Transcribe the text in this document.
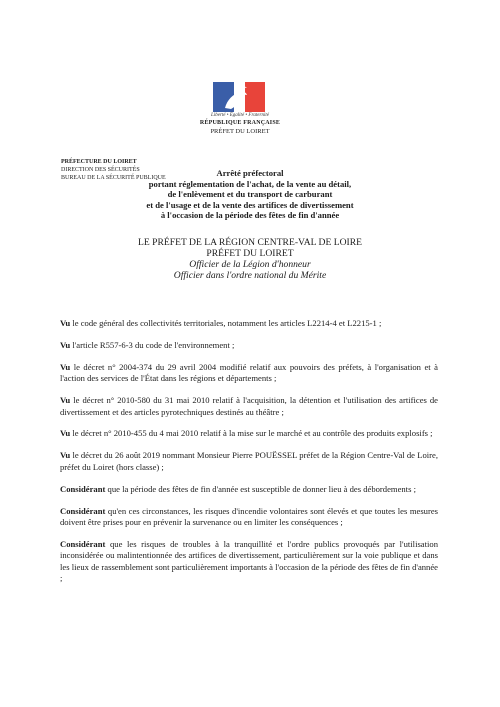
Liberté • Égalité • Fraternité
RÉPUBLIQUE FRANÇAISE
PRÉFET DU LOIRET
PRÉFECTURE DU LOIRET
DIRECTION DES SÉCURITÉS
BUREAU DE LA SÉCURITÉ PUBLIQUE	Arrêté préfectoral
portant réglementation de l'achat, de la vente au détail,
de l'enlèvement et du transport de carburant
et de l'usage et de la vente des artifices de divertissement
à l'occasion de la période des fêtes de fin d'année
LE PRÉFET DE LA RÉGION CENTRE-VAL DE LOIRE
PRÉFET DU LOIRET
Officier de la Légion d'honneur
Officier dans l'ordre national du Mérite

Vu le code général des collectivités territoriales, notamment les articles L2214-4 et L2215-1 ;

Vu l'article R557-6-3 du code de l'environnement ;

Vu le décret n° 2004-374 du 29 avril 2004 modifié relatif aux pouvoirs des préfets, à l'organisation et à l'action des services de l'État dans les régions et départements ;

Vu le décret n° 2010-580 du 31 mai 2010 relatif à l'acquisition, la détention et l'utilisation des artifices de divertissement et des articles pyrotechniques destinés au théâtre ;

Vu le décret n° 2010-455 du 4 mai 2010 relatif à la mise sur le marché et au contrôle des produits explosifs ;

Vu le décret du 26 août 2019 nommant Monsieur Pierre POUËSSEL préfet de la Région Centre-Val de Loire, préfet du Loiret (hors classe) ;

Considérant que la période des fêtes de fin d'année est susceptible de donner lieu à des débordements ;

Considérant qu'en ces circonstances, les risques d'incendie volontaires sont élevés et que toutes les mesures doivent être prises pour en prévenir la survenance ou en limiter les conséquences ;

Considérant que les risques de troubles à la tranquillité et l'ordre publics provoqués par l'utilisation inconsidérée ou malintentionnée des artifices de divertissement, particulièrement sur la voie publique et dans les lieux de rassemblement sont particulièrement importants à l'occasion de la période des fêtes de fin d'année ;
